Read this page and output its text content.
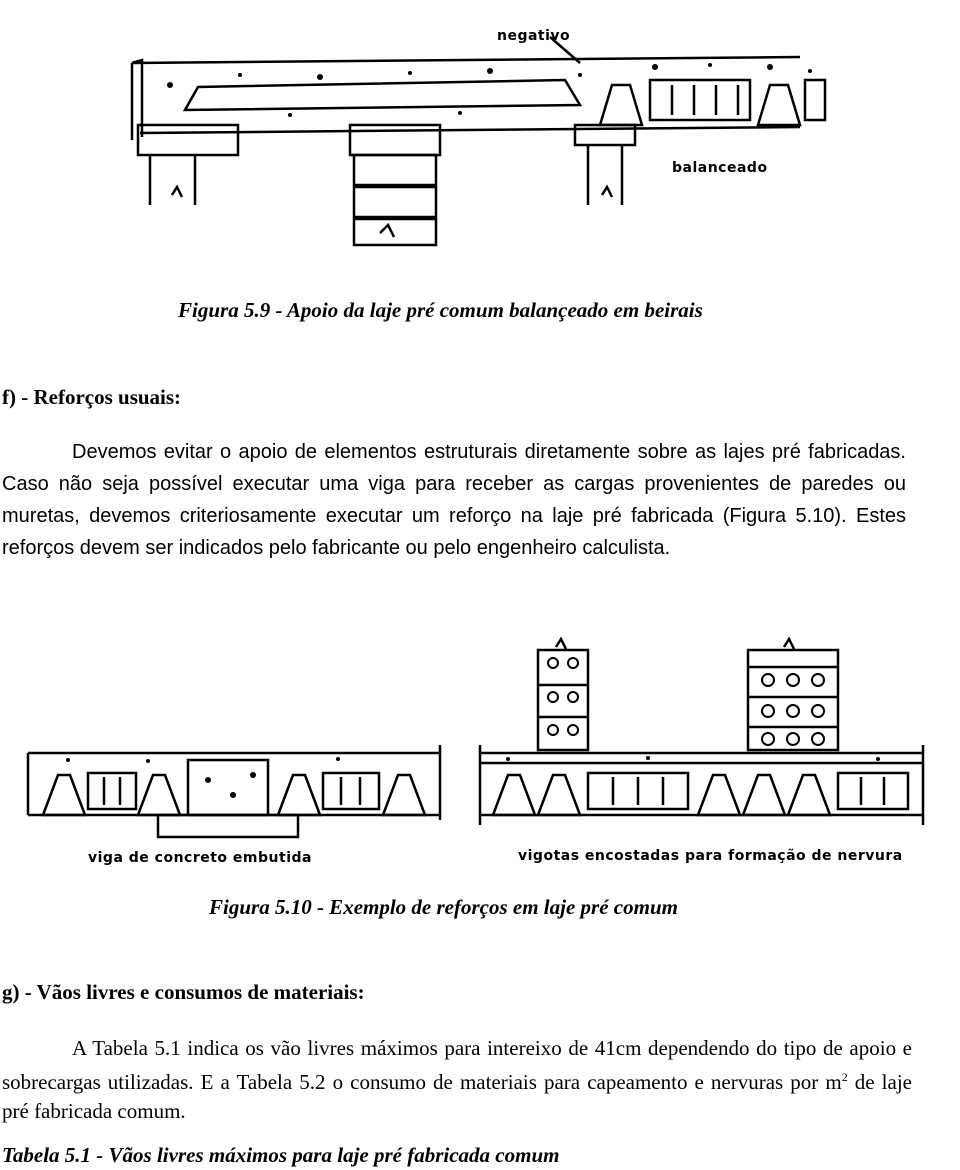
negativo
balanceado
Figura 5.9 - Apoio da laje pré comum balançeado em beirais
f) - Reforços usuais:
Devemos evitar o apoio de elementos estruturais diretamente sobre as lajes pré fabricadas. Caso não seja possível executar uma viga para receber as cargas provenientes de paredes ou muretas, devemos criteriosamente executar um reforço na laje pré fabricada (Figura 5.10). Estes reforços devem ser indicados pelo fabricante ou pelo engenheiro calculista.
viga de concreto embutida	vigotas encostadas para formação de nervura
Figura 5.10 - Exemplo de reforços em laje pré comum
g) - Vãos livres e consumos de materiais:
A Tabela 5.1 indica os vão livres máximos para intereixo de 41cm dependendo do tipo de apoio e sobrecargas utilizadas. E a Tabela 5.2 o consumo de materiais para capeamento e nervuras por $m^2$ de laje pré fabricada comum.
Tabela 5.1 - Vãos livres máximos para laje pré fabricada comum
